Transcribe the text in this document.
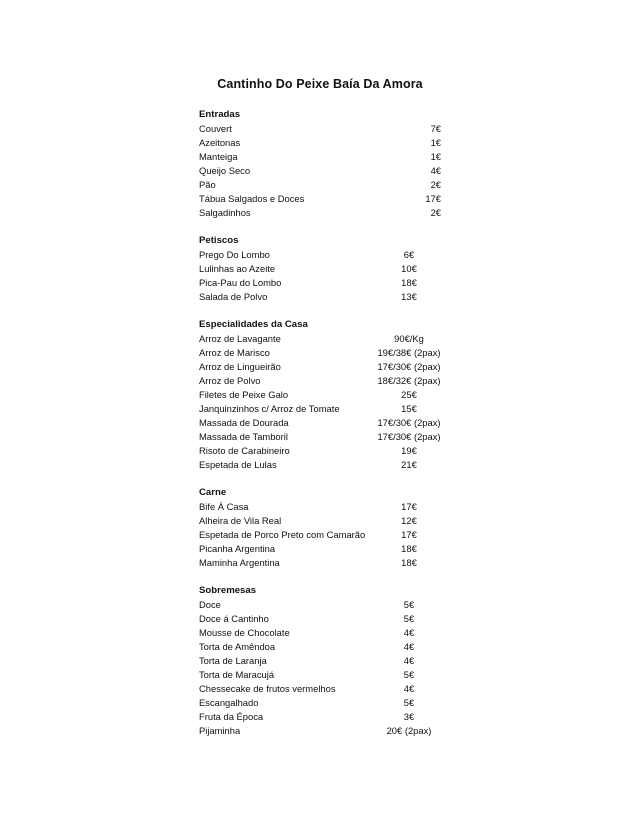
Cantinho Do Peixe Baía Da Amora
Entradas
Couvert	7€
Azeitonas	1€
Manteiga	1€
Queijo Seco	4€
Pão	2€
Tábua Salgados e Doces	17€
Salgadinhos	2€
Petiscos
Prego Do Lombo	6€
Lulinhas ao Azeite	10€
Pica-Pau do Lombo	18€
Salada de Polvo	13€
Especialidades da Casa
Arroz de Lavagante	90€/Kg
Arroz de Marisco	19€/38€ (2pax)
Arroz de Lingueirão	17€/30€ (2pax)
Arroz de Polvo	18€/32€ (2pax)
Filetes de Peixe Galo	25€
Janquinzinhos c/ Arroz de Tomate	15€
Massada de Dourada	17€/30€ (2pax)
Massada de Tamboril	17€/30€ (2pax)
Risoto de Carabineiro	19€
Espetada de Lulas	21€
Carne
Bife Á Casa	17€
Alheira de Vila Real	12€
Espetada de Porco Preto com Camarão	17€
Picanha Argentina	18€
Maminha Argentina	18€
Sobremesas
Doce	5€
Doce á Cantinho	5€
Mousse de Chocolate	4€
Torta de Amêndoa	4€
Torta de Laranja	4€
Torta de Maracujá	5€
Chessecake de frutos vermelhos	4€
Escangalhado	5€
Fruta da Época	3€
Pijaminha	20€ (2pax)
